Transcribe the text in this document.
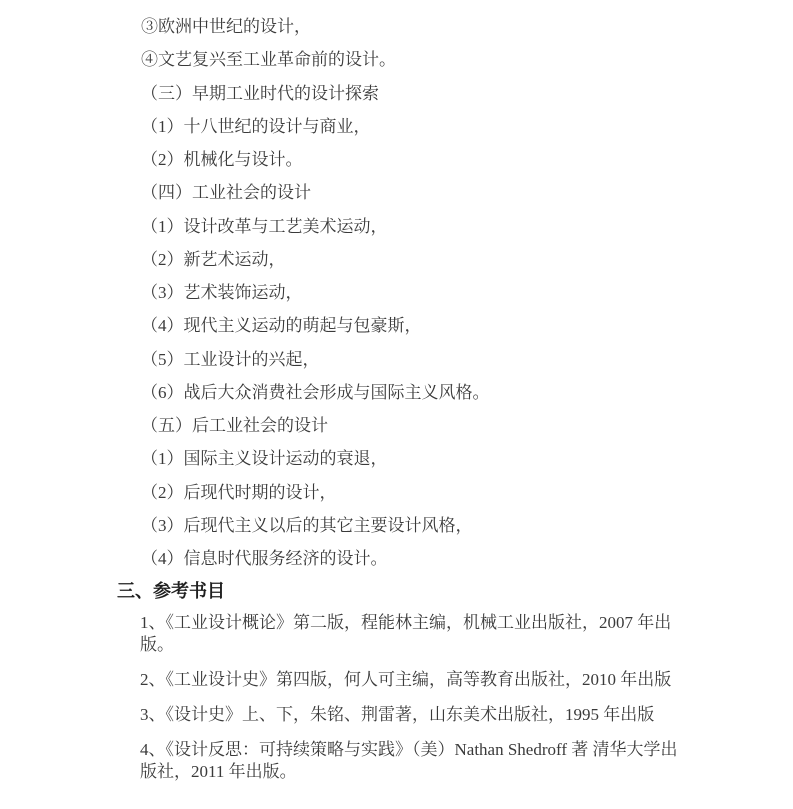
③欧洲中世纪的设计，
④文艺复兴至工业革命前的设计。
（三）早期工业时代的设计探索
（1）十八世纪的设计与商业，
（2）机械化与设计。
（四）工业社会的设计
（1）设计改革与工艺美术运动，
（2）新艺术运动，
（3）艺术装饰运动，
（4）现代主义运动的萌起与包豪斯，
（5）工业设计的兴起，
（6）战后大众消费社会形成与国际主义风格。
（五）后工业社会的设计
（1）国际主义设计运动的衰退，
（2）后现代时期的设计，
（3）后现代主义以后的其它主要设计风格，
（4）信息时代服务经济的设计。
三、参考书目
1、《工业设计概论》第二版，程能林主编，机械工业出版社，2007 年出
版。
2、《工业设计史》第四版，何人可主编，高等教育出版社，2010 年出版
3、《设计史》上、下，朱铭、荆雷著，山东美术出版社，1995 年出版
4、《设计反思：可持续策略与实践》（美）Nathan Shedroff 著 清华大学出
版社，2011 年出版。
